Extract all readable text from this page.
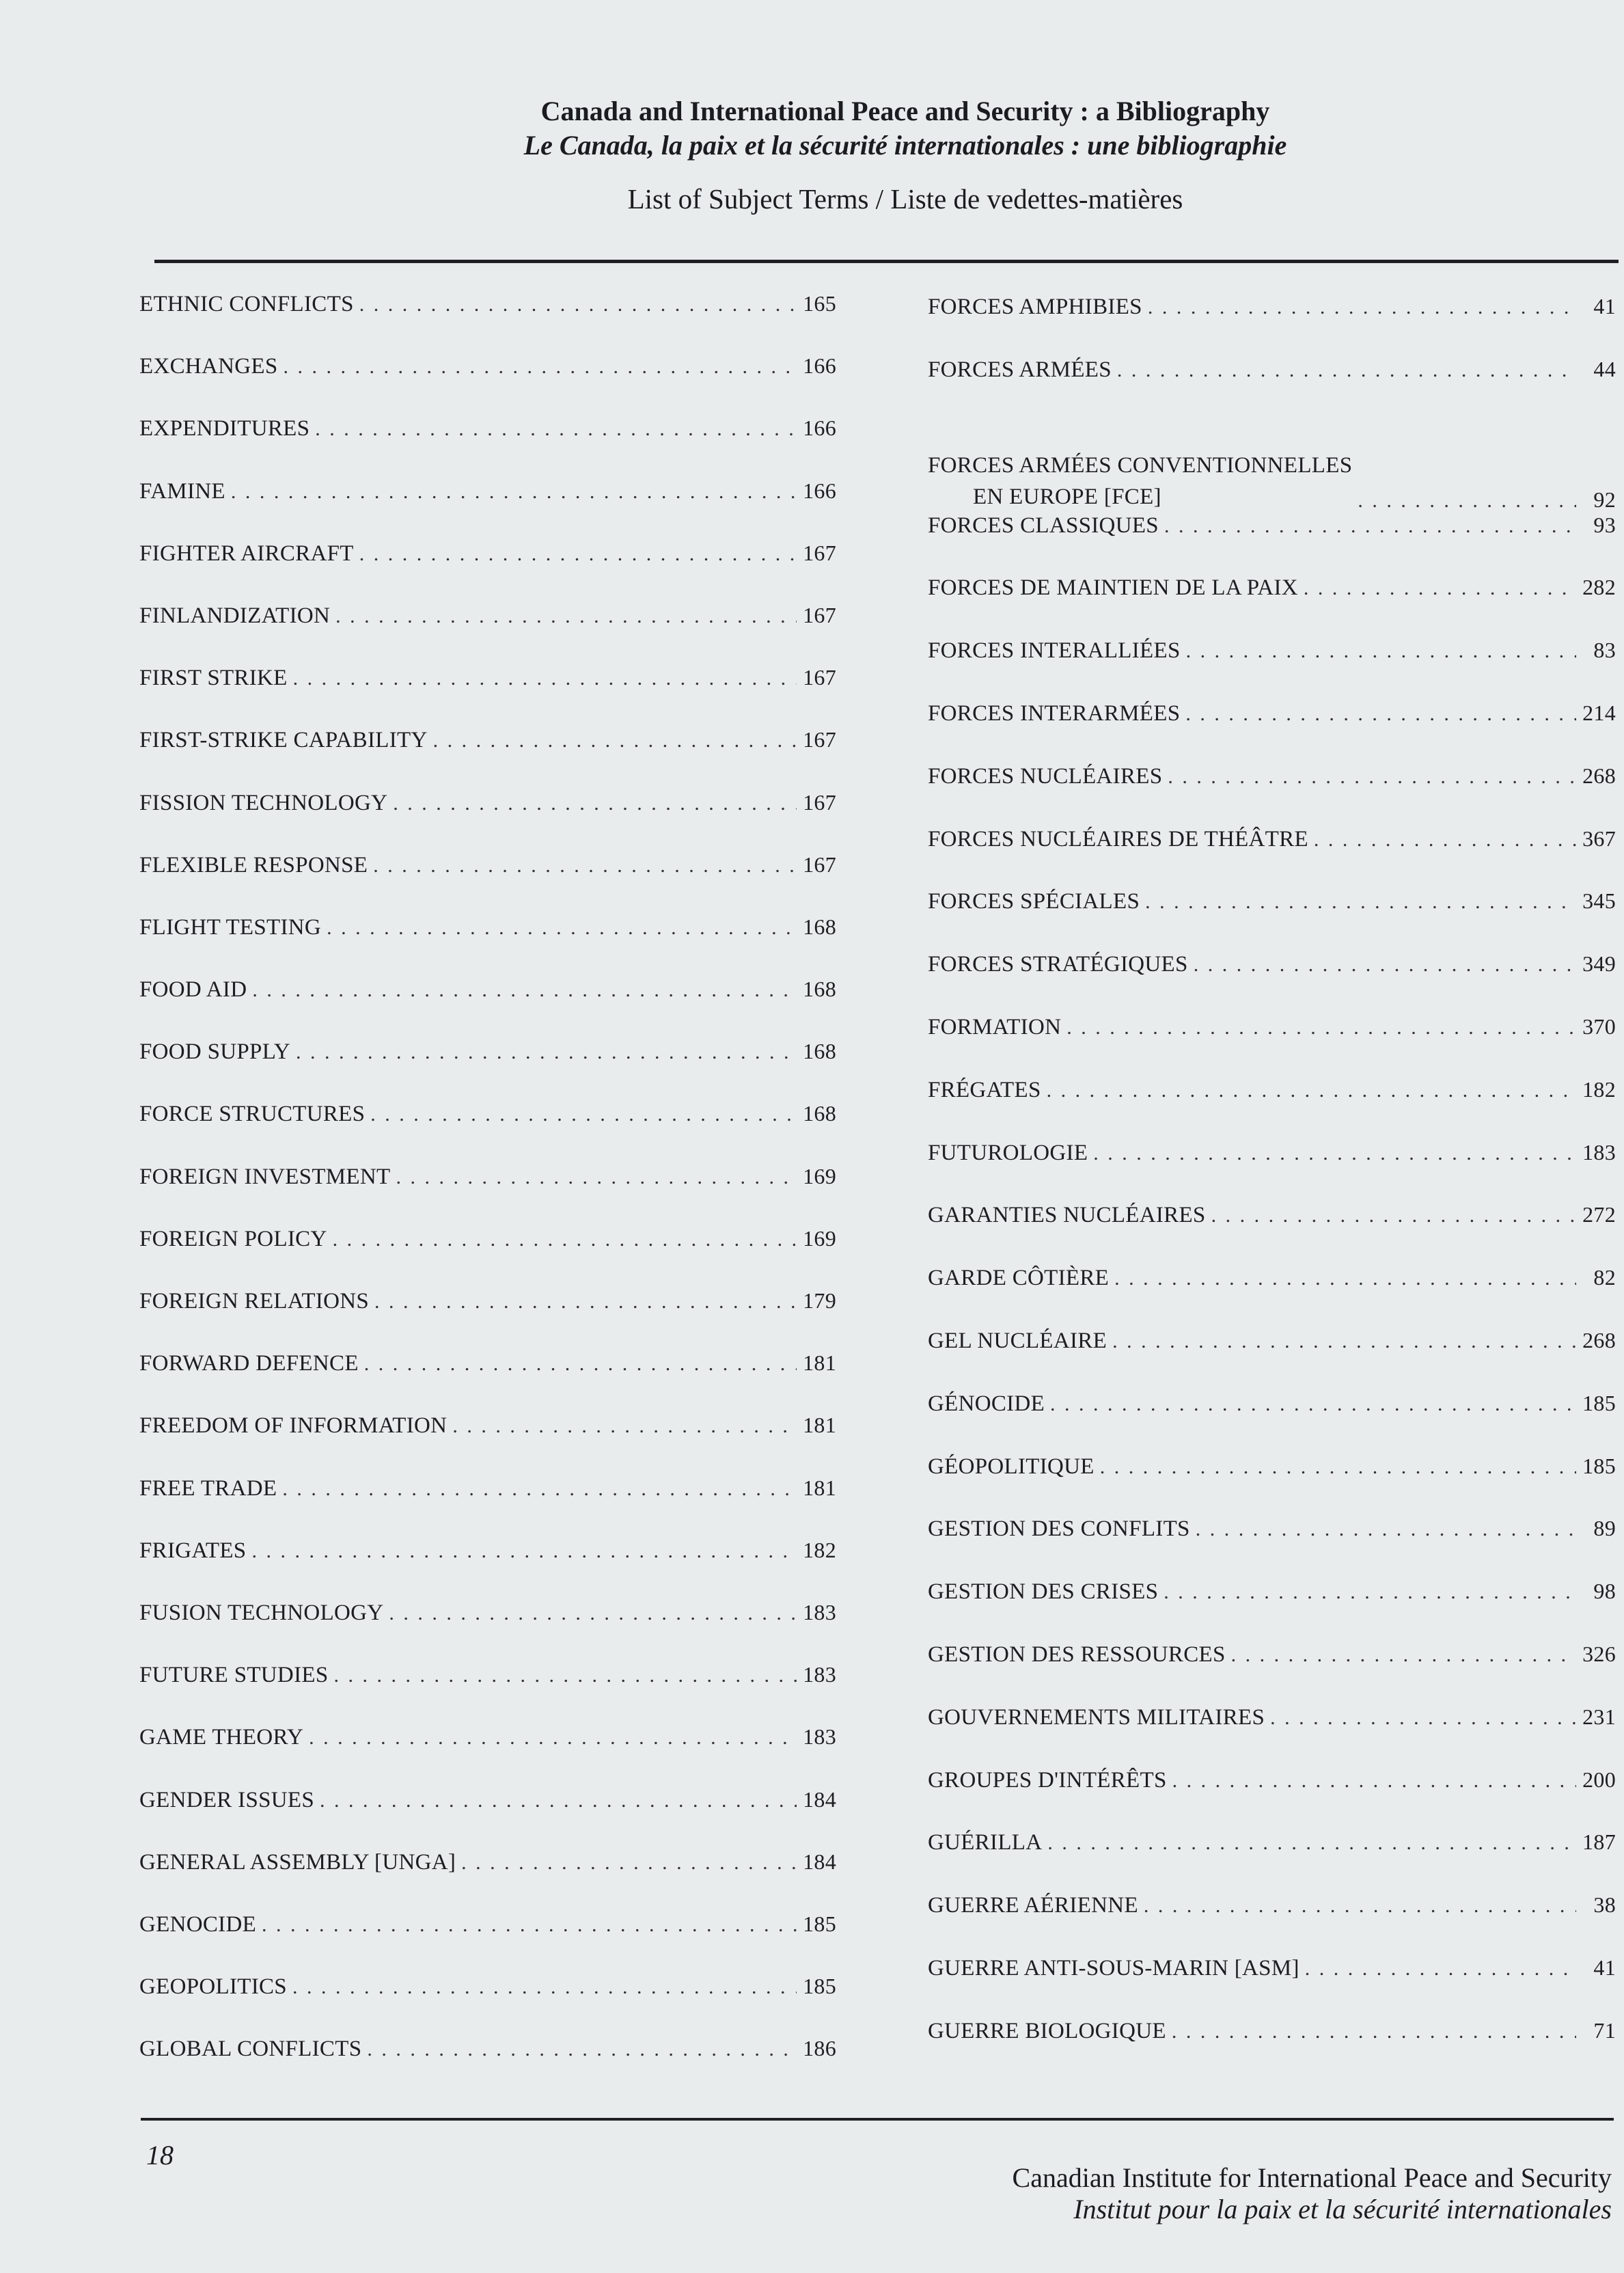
Canada and International Peace and Security : a Bibliography
Le Canada, la paix et la sécurité internationales : une bibliographie
List of Subject Terms / Liste de vedettes-matières
ETHNIC CONFLICTS . . .	165
EXCHANGES . . .	166
EXPENDITURES . . .	166
FAMINE . . .	166
FIGHTER AIRCRAFT . . .	167
FINLANDIZATION . . .	167
FIRST STRIKE . . .	167
FIRST-STRIKE CAPABILITY . . .	167
FISSION TECHNOLOGY . . .	167
FLEXIBLE RESPONSE . . .	167
FLIGHT TESTING . . .	168
FOOD AID . . .	168
FOOD SUPPLY . . .	168
FORCE STRUCTURES . . .	168
FOREIGN INVESTMENT . . .	169
FOREIGN POLICY . . .	169
FOREIGN RELATIONS . . .	179
FORWARD DEFENCE . . .	181
FREEDOM OF INFORMATION . . .	181
FREE TRADE . . .	181
FRIGATES . . .	182
FUSION TECHNOLOGY . . .	183
FUTURE STUDIES . . .	183
GAME THEORY . . .	183
GENDER ISSUES . . .	184
GENERAL ASSEMBLY [UNGA] . . .	184
GENOCIDE . . .	185
GEOPOLITICS . . .	185
GLOBAL CONFLICTS . . .	186
FORCES AMPHIBIES . . .	41
FORCES ARMÉES . . .	44
FORCES ARMÉES CONVENTIONNELLES
EN EUROPE [FCE] . . .	92
FORCES CLASSIQUES . . .	93
FORCES DE MAINTIEN DE LA PAIX . . .	282
FORCES INTERALLIÉES . . .	83
FORCES INTERARMÉES . . .	214
FORCES NUCLÉAIRES . . .	268
FORCES NUCLÉAIRES DE THÉÂTRE . . .	367
FORCES SPÉCIALES . . .	345
FORCES STRATÉGIQUES . . .	349
FORMATION . . .	370
FRÉGATES . . .	182
FUTUROLOGIE . . .	183
GARANTIES NUCLÉAIRES . . .	272
GARDE CÔTIÈRE . . .	82
GEL NUCLÉAIRE . . .	268
GÉNOCIDE . . .	185
GÉOPOLITIQUE . . .	185
GESTION DES CONFLITS . . .	89
GESTION DES CRISES . . .	98
GESTION DES RESSOURCES . . .	326
GOUVERNEMENTS MILITAIRES . . .	231
GROUPES D'INTÉRÊTS . . .	200
GUÉRILLA . . .	187
GUERRE AÉRIENNE . . .	38
GUERRE ANTI-SOUS-MARIN [ASM] . . .	41
GUERRE BIOLOGIQUE . . .	71
18
Canadian Institute for International Peace and Security
Institut pour la paix et la sécurité internationales
